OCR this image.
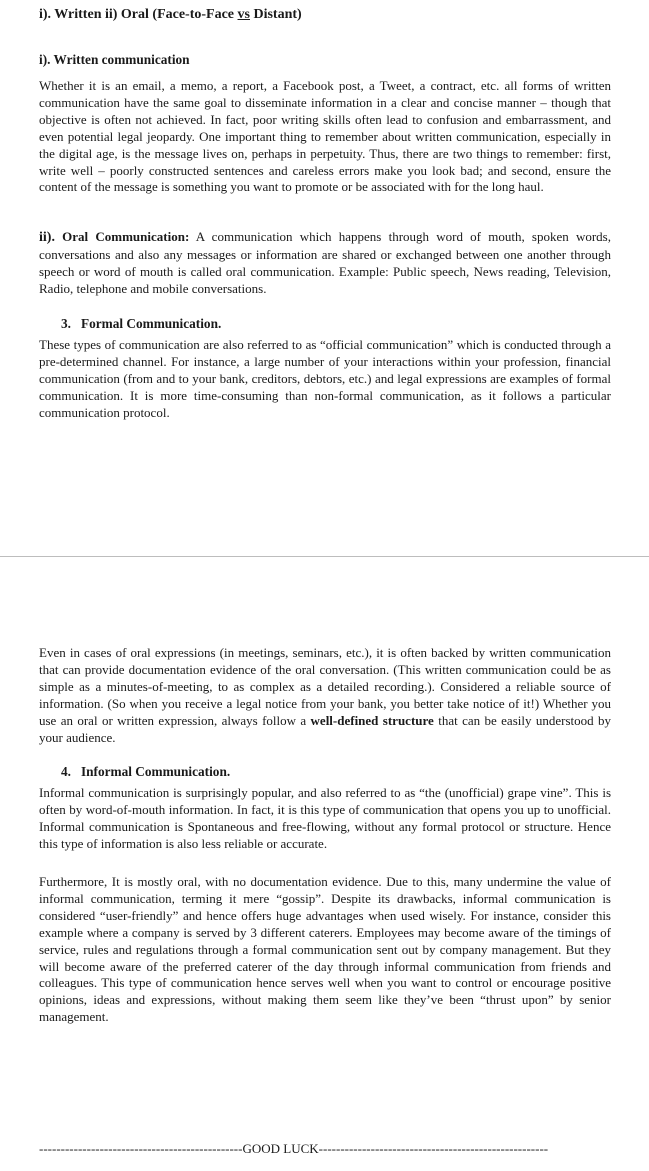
i). Written ii) Oral (Face-to-Face vs Distant)

i). Written communication

Whether it is an email, a memo, a report, a Facebook post, a Tweet, a contract, etc. all forms of written communication have the same goal to disseminate information in a clear and concise manner – though that objective is often not achieved. In fact, poor writing skills often lead to confusion and embarrassment, and even potential legal jeopardy. One important thing to remember about written communication, especially in the digital age, is the message lives on, perhaps in perpetuity. Thus, there are two things to remember: first, write well – poorly constructed sentences and careless errors make you look bad; and second, ensure the content of the message is something you want to promote or be associated with for the long haul.

ii). Oral Communication: A communication which happens through word of mouth, spoken words, conversations and also any messages or information are shared or exchanged between one another through speech or word of mouth is called oral communication. Example: Public speech, News reading, Television, Radio, telephone and mobile conversations.

3.   Formal Communication.

These types of communication are also referred to as “official communication” which is conducted through a pre-determined channel. For instance, a large number of your interactions within your profession, financial communication (from and to your bank, creditors, debtors, etc.) and legal expressions are examples of formal communication. It is more time-consuming than non-formal communication, as it follows a particular communication protocol.

Even in cases of oral expressions (in meetings, seminars, etc.), it is often backed by written communication that can provide documentation evidence of the oral conversation. (This written communication could be as simple as a minutes-of-meeting, to as complex as a detailed recording.). Considered a reliable source of information. (So when you receive a legal notice from your bank, you better take notice of it!) Whether you use an oral or written expression, always follow a well-defined structure that can be easily understood by your audience.

4.   Informal Communication.

Informal communication is surprisingly popular, and also referred to as “the (unofficial) grape vine”. This is often by word-of-mouth information. In fact, it is this type of communication that opens you up to unofficial. Informal communication is Spontaneous and free-flowing, without any formal protocol or structure. Hence this type of information is also less reliable or accurate.

Furthermore, It is mostly oral, with no documentation evidence. Due to this, many undermine the value of informal communication, terming it mere “gossip”. Despite its drawbacks, informal communication is considered “user-friendly” and hence offers huge advantages when used wisely. For instance, consider this example where a company is served by 3 different caterers. Employees may become aware of the timings of service, rules and regulations through a formal communication sent out by company management. But they will become aware of the preferred caterer of the day through informal communication from friends and colleagues. This type of communication hence serves well when you want to control or encourage positive opinions, ideas and expressions, without making them seem like they’ve been “thrust upon” by senior management.

-----------------------------------------------GOOD LUCK-----------------------------------------------------
